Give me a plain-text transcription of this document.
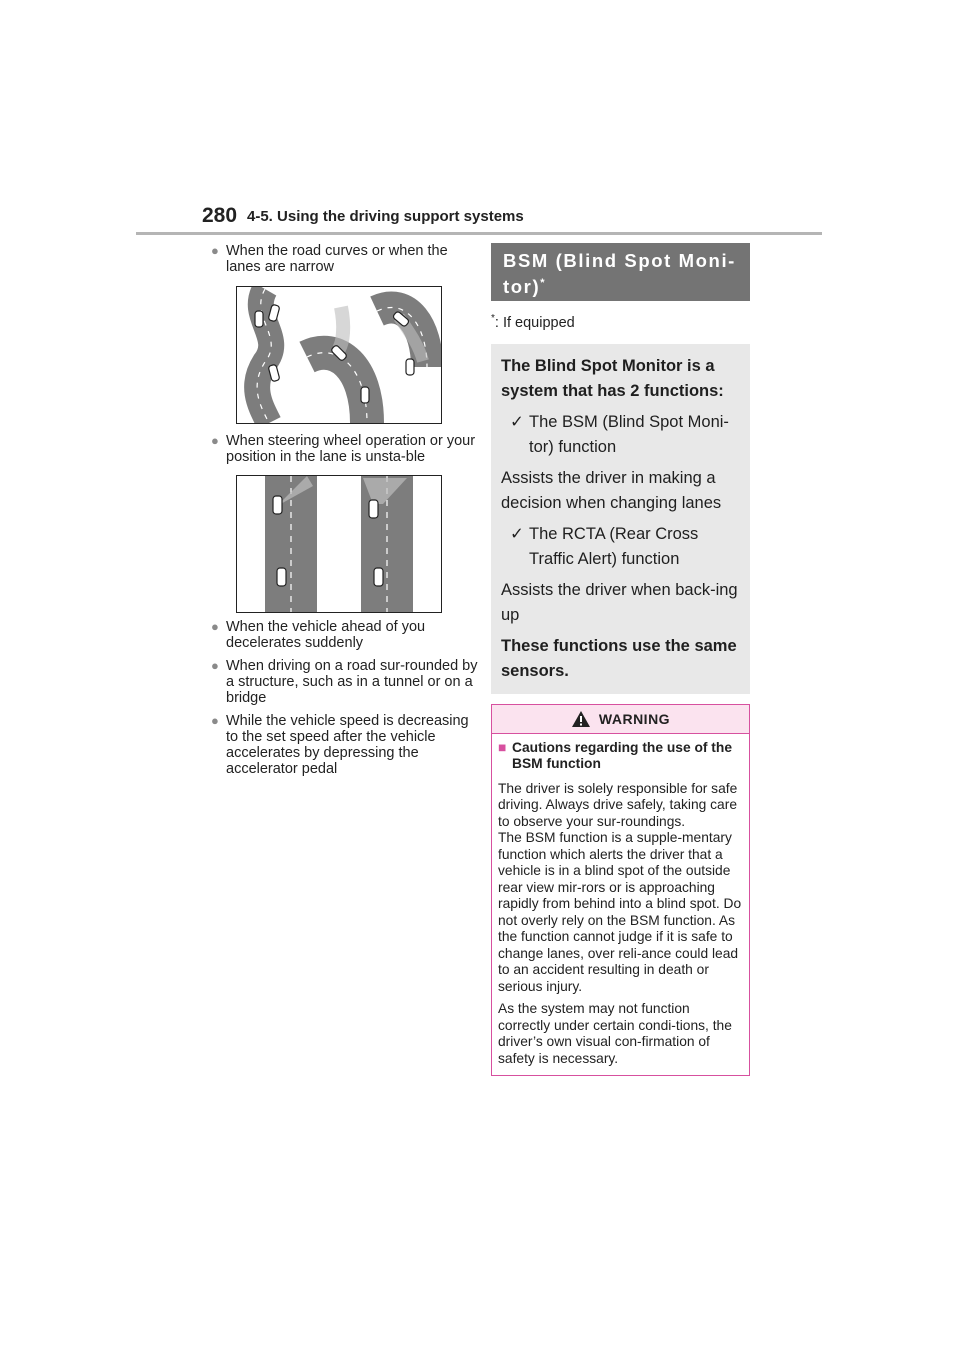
280 4-5. Using the driving support systems
● When the road curves or when the lanes are narrow
● When steering wheel operation or your position in the lane is unsta-ble
● When the vehicle ahead of you decelerates suddenly
● When driving on a road sur-rounded by a structure, such as in a tunnel or on a bridge
● While the vehicle speed is decreasing to the set speed after the vehicle accelerates by depressing the accelerator pedal
BSM (Blind Spot Moni-tor)*
*: If equipped

The Blind Spot Monitor is a system that has 2 functions:

✓ The BSM (Blind Spot Moni-tor) function

Assists the driver in making a decision when changing lanes

✓ The RCTA (Rear Cross Traffic Alert) function

Assists the driver when back-ing up

These functions use the same sensors.

WARNING
■ Cautions regarding the use of the BSM function

The driver is solely responsible for safe driving. Always drive safely, taking care to observe your sur-roundings.

The BSM function is a supple-mentary function which alerts the driver that a vehicle is in a blind spot of the outside rear view mir-rors or is approaching rapidly from behind into a blind spot. Do not overly rely on the BSM function. As the function cannot judge if it is safe to change lanes, over reli-ance could lead to an accident resulting in death or serious injury.

As the system may not function correctly under certain condi-tions, the driver’s own visual con-firmation of safety is necessary.
